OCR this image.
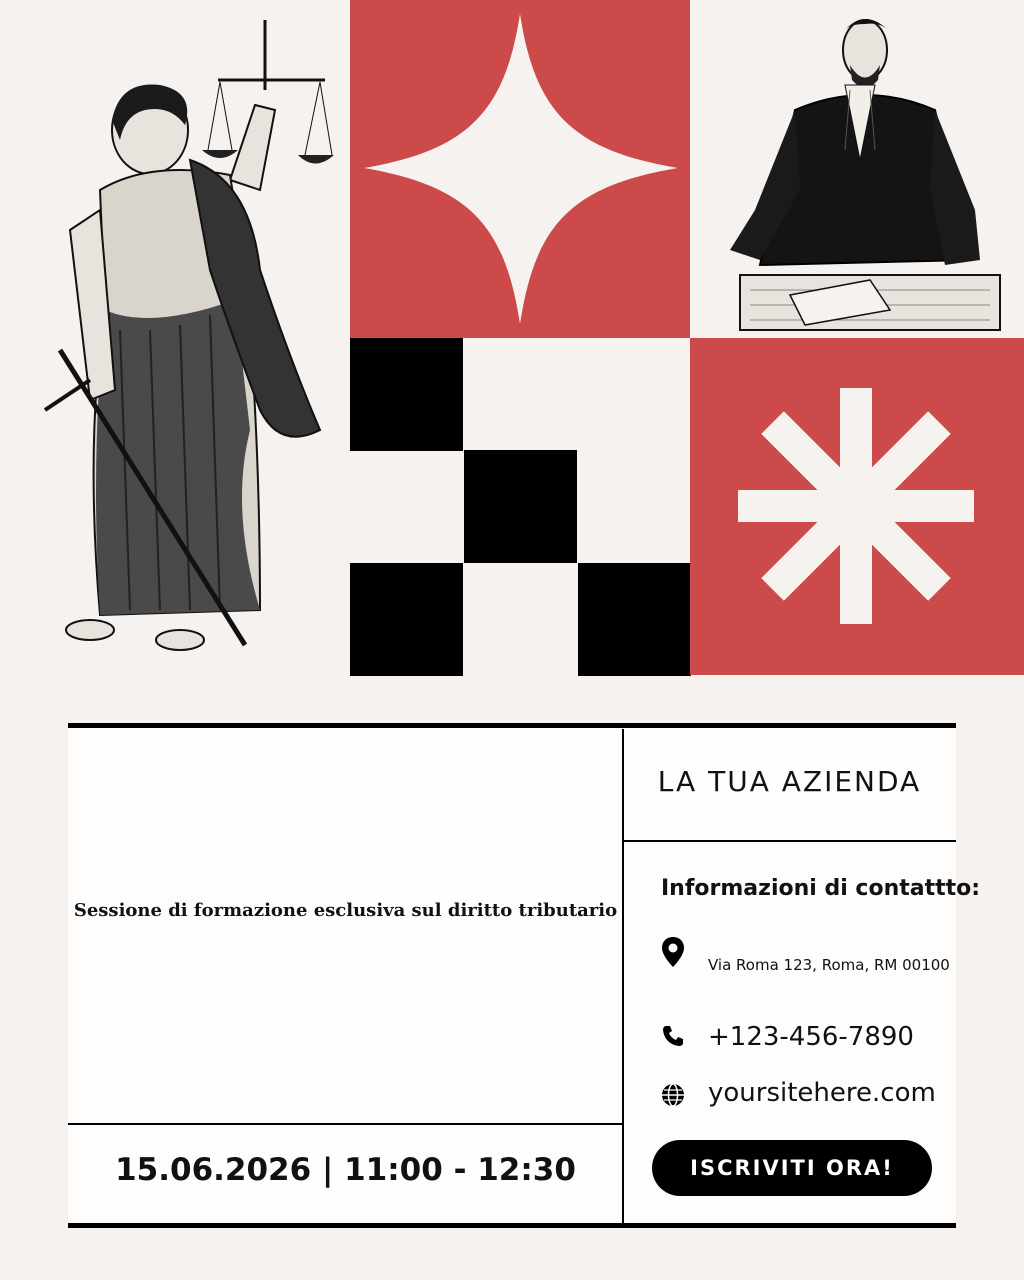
Sessione di formazione esclusiva sul diritto tributario
15.06.2026 | 11:00 - 12:30
LA TUA AZIENDA
Informazioni di contattto:
Via Roma 123, Roma, RM 00100
+123-456-7890
yoursitehere.com
ISCRIVITI ORA!
